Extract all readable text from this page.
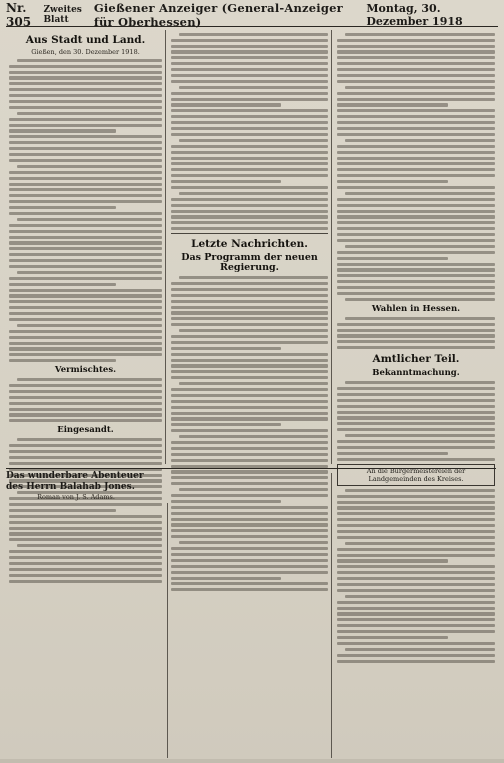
Nr. 305
Zweites Blatt
Gießener Anzeiger (General-Anzeiger für Oberhessen)
Montag, 30. Dezember 1918
Aus Stadt und Land.
Gießen, den 30. Dezember 1918.
Vermischtes.
Eingesandt.
Letzte Nachrichten.
Das Programm der neuen Regierung.
Wahlen in Hessen.
Amtlicher Teil.
Bekanntmachung.
An die Bürgermeistereien der Landgemeinden des Kreises.
Das wunderbare Abenteuer des Herrn Balahab Jones.
Roman von J. S. Adams.
